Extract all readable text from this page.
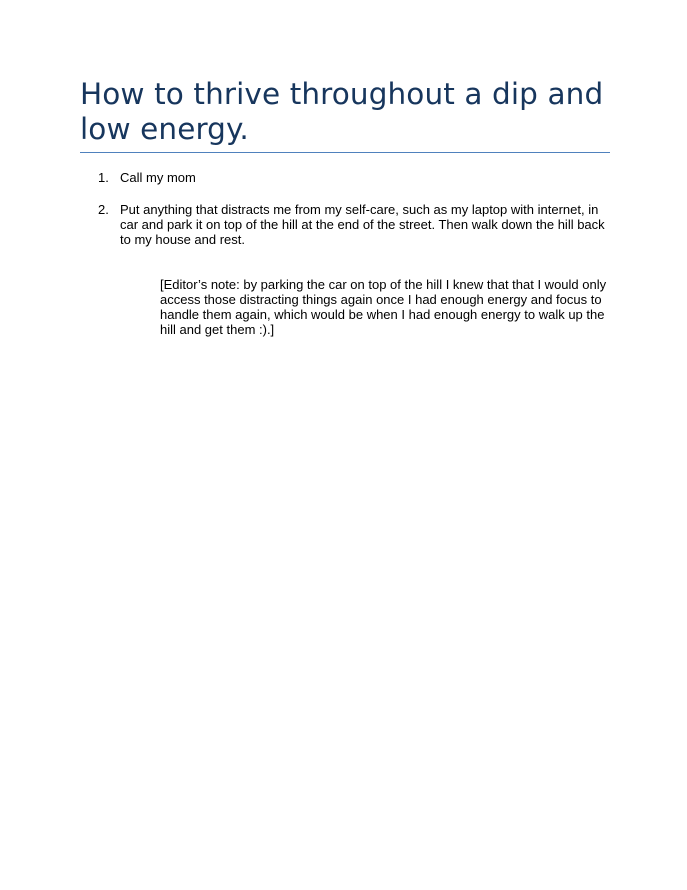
How to thrive throughout a dip and low energy.
1. Call my mom
2. Put anything that distracts me from my self-care, such as my laptop with internet, in car and park it on top of the hill at the end of the street. Then walk down the hill back to my house and rest.
[Editor’s note: by parking the car on top of the hill I knew that that I would only access those distracting things again once I had enough energy and focus to handle them again, which would be when I had enough energy to walk up the hill and get them :).]
